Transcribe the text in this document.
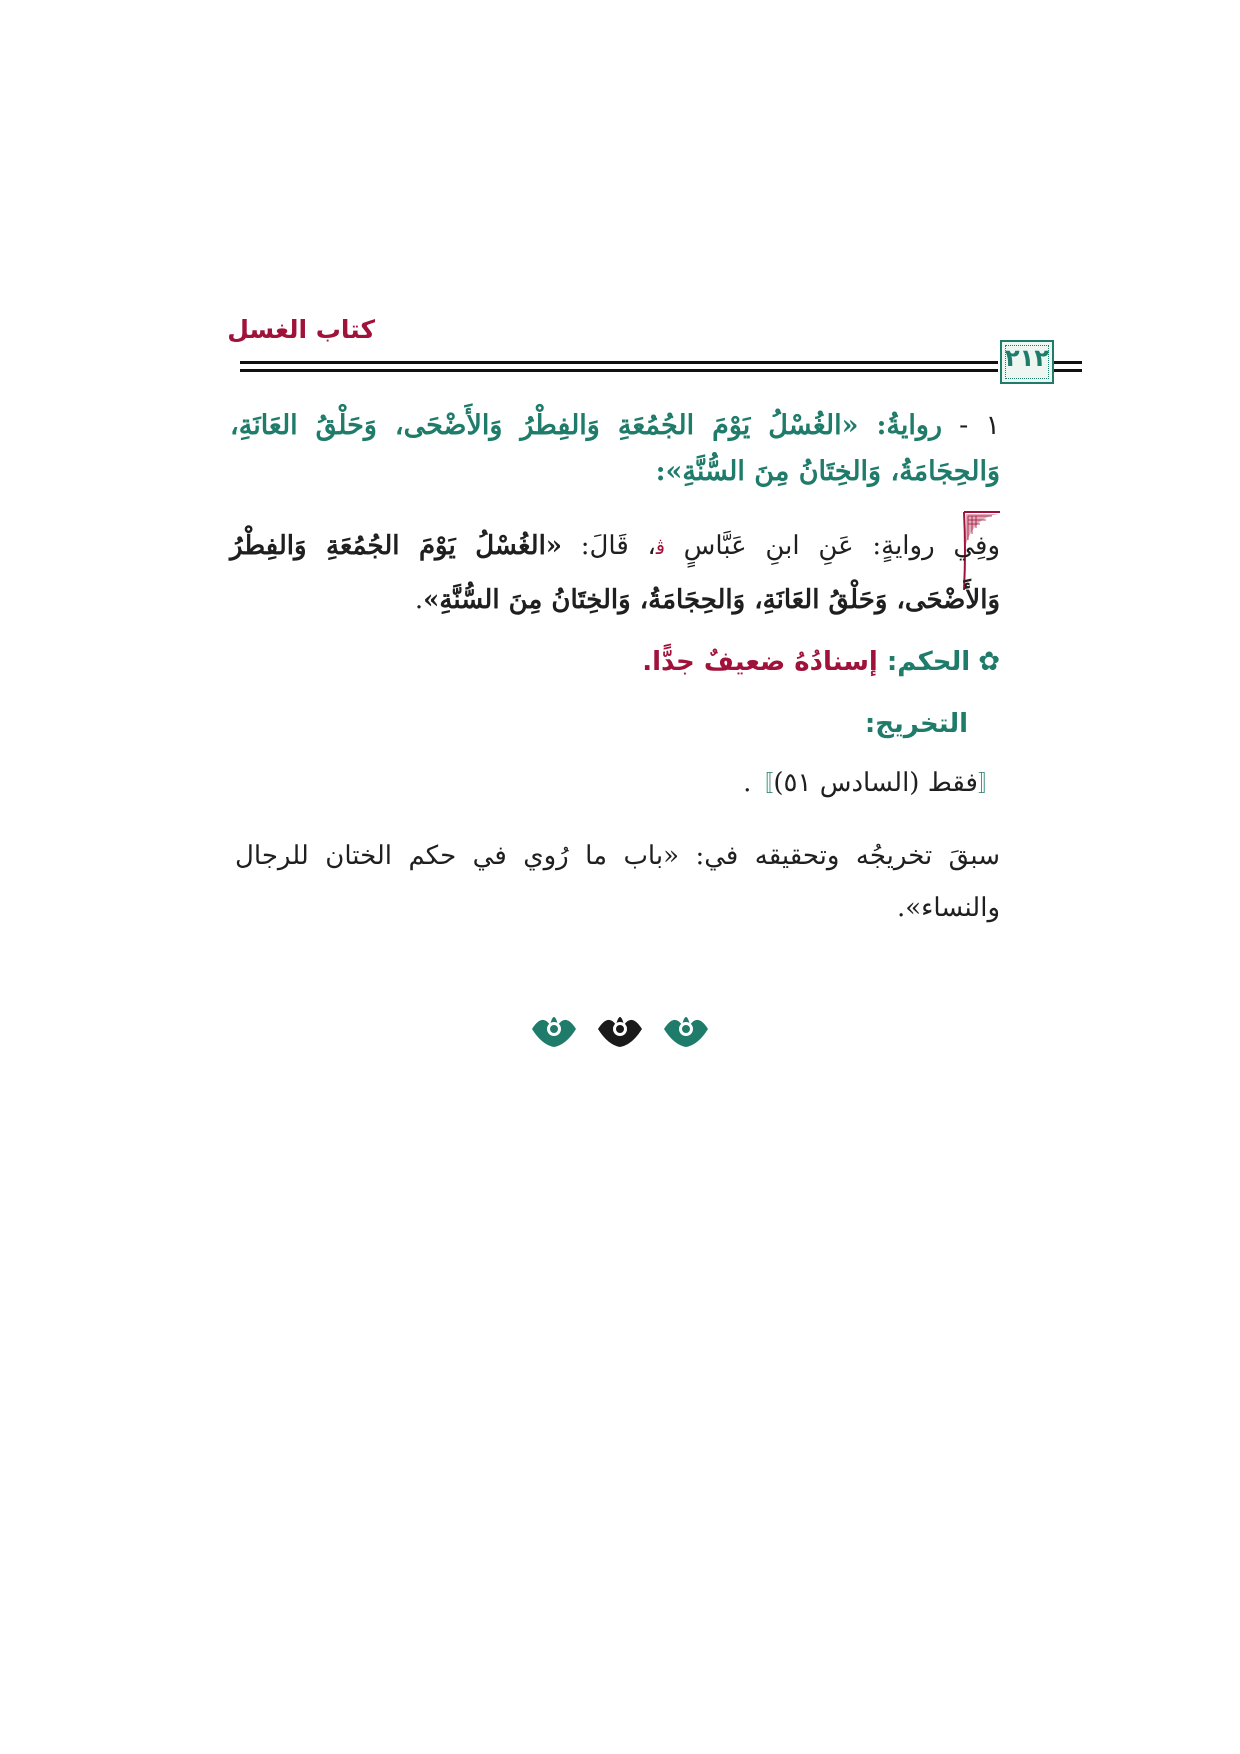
كتاب الغسل
٢١٢
١ - روايةُ: «الغُسْلُ يَوْمَ الجُمُعَةِ وَالفِطْرُ وَالأَضْحَى، وَحَلْقُ العَانَةِ، وَالحِجَامَةُ، وَالخِتَانُ مِنَ السُّنَّةِ»:
وفِي روايةٍ: عَنِ ابنِ عَبَّاسٍ ﭬ، قَالَ: «الغُسْلُ يَوْمَ الجُمُعَةِ وَالفِطْرُ وَالأَضْحَى، وَحَلْقُ العَانَةِ، وَالحِجَامَةُ، وَالخِتَانُ مِنَ السُّنَّةِ».
✿الحكم: إسنادُهُ ضعيفٌ جدًّا.
التخريج:
〚فقط (السادس ٥١)〛.
سبقَ تخريجُه وتحقيقه في: «باب ما رُوي في حكم الختان للرجال والنساء».
